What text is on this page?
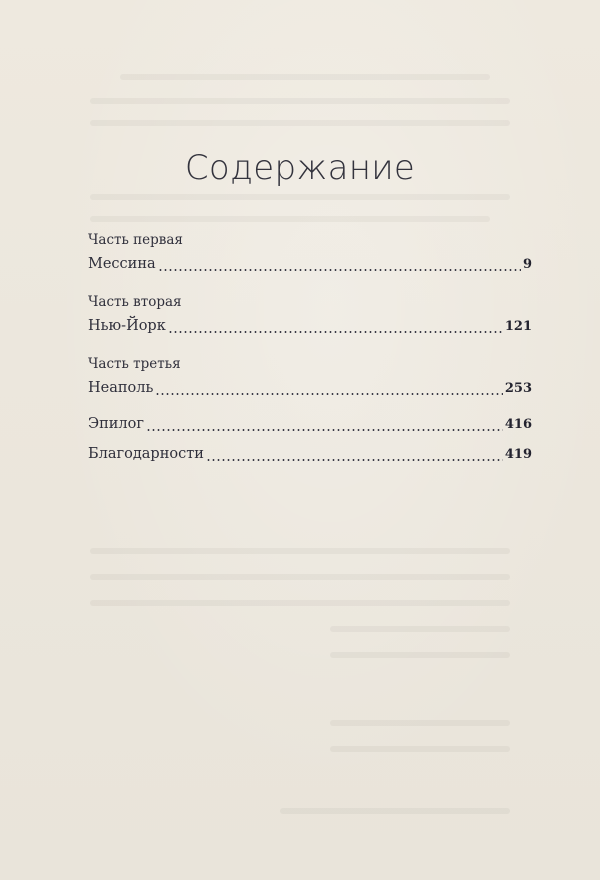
Содержание
Часть первая
Мессина	9
Часть вторая
Нью-Йорк	121
Часть третья
Неаполь	253
Эпилог	416
Благодарности	419
